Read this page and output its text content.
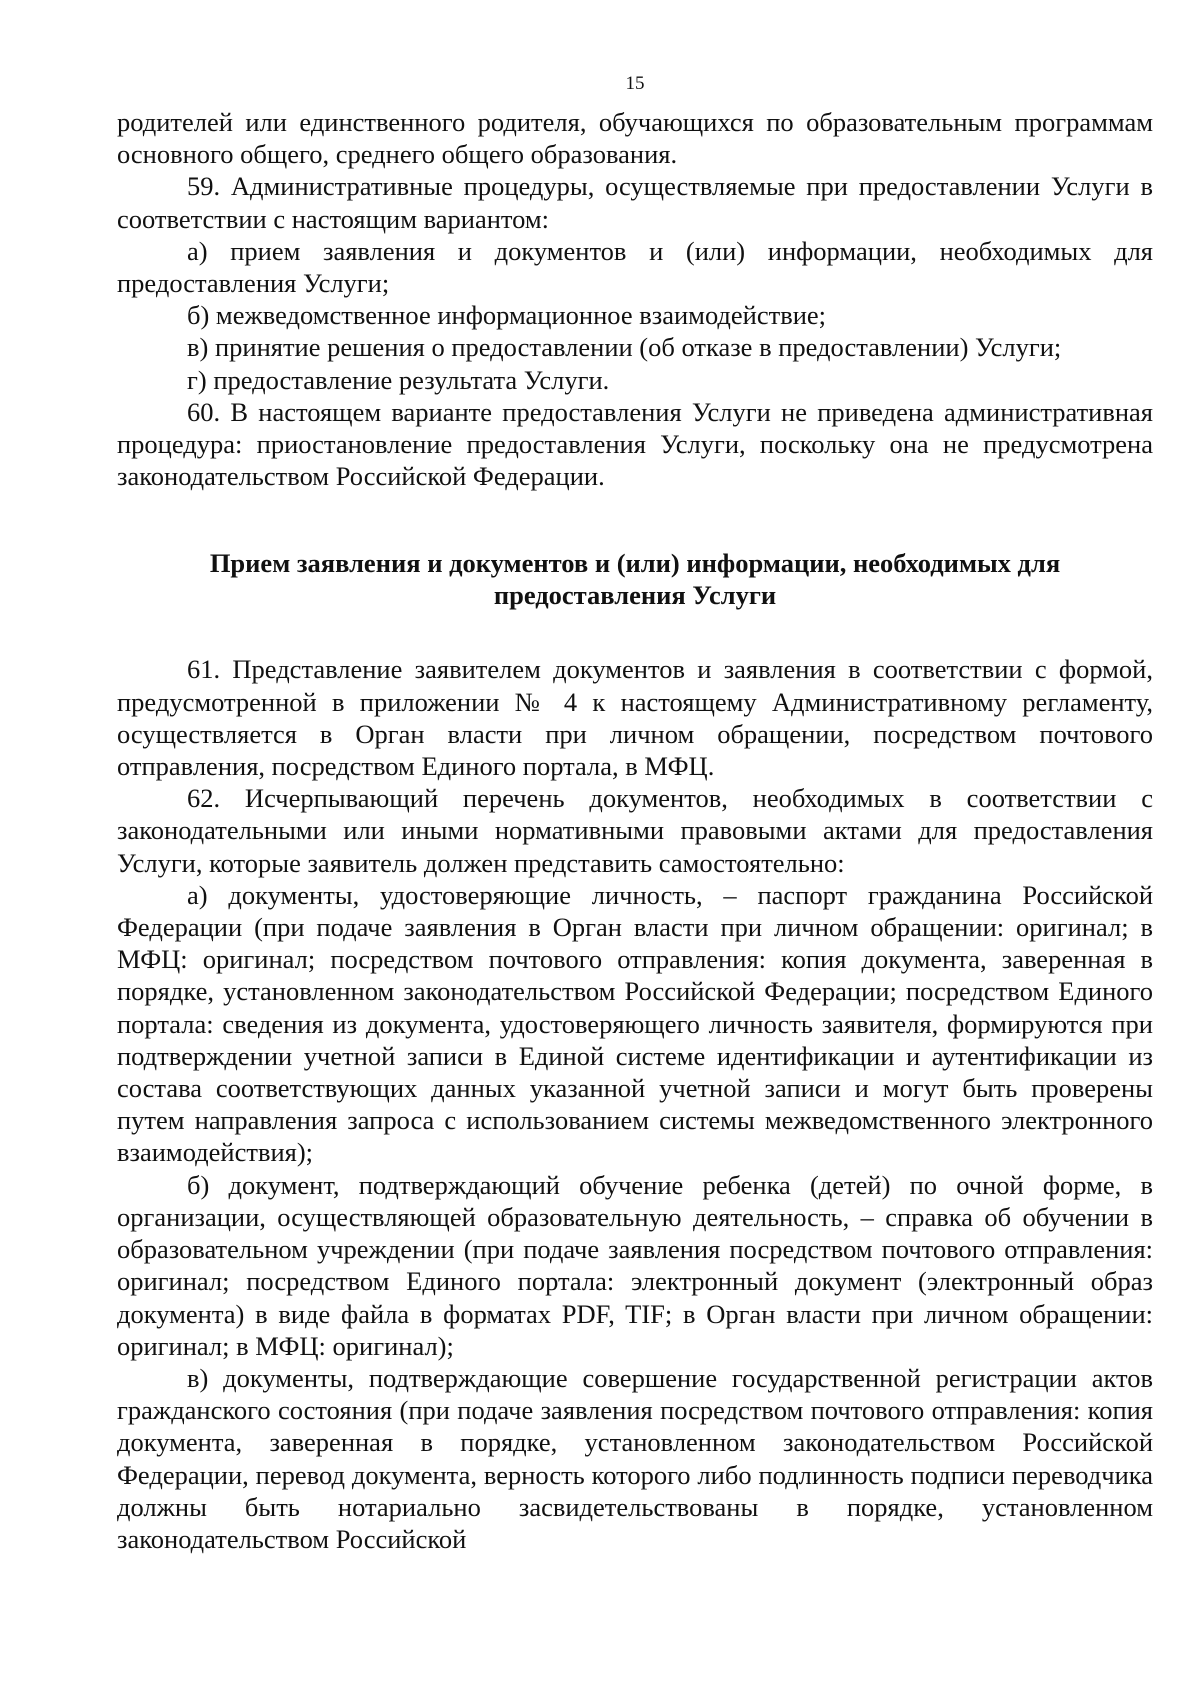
15

родителей или единственного родителя, обучающихся по образовательным программам основного общего, среднего общего образования.

59. Административные процедуры, осуществляемые при предоставлении Услуги в соответствии с настоящим вариантом:

а) прием заявления и документов и (или) информации, необходимых для предоставления Услуги;

б) межведомственное информационное взаимодействие;

в) принятие решения о предоставлении (об отказе в предоставлении) Услуги;

г) предоставление результата Услуги.

60. В настоящем варианте предоставления Услуги не приведена административная процедура: приостановление предоставления Услуги, поскольку она не предусмотрена законодательством Российской Федерации.

Прием заявления и документов и (или) информации, необходимых для
предоставления Услуги

61. Представление заявителем документов и заявления в соответствии с формой, предусмотренной в приложении № 4 к настоящему Административному регламенту, осуществляется в Орган власти при личном обращении, посредством почтового отправления, посредством Единого портала, в МФЦ.

62. Исчерпывающий перечень документов, необходимых в соответствии с законодательными или иными нормативными правовыми актами для предоставления Услуги, которые заявитель должен представить самостоятельно:

а) документы, удостоверяющие личность, – паспорт гражданина Российской Федерации (при подаче заявления в Орган власти при личном обращении: оригинал; в МФЦ: оригинал; посредством почтового отправления: копия документа, заверенная в порядке, установленном законодательством Российской Федерации; посредством Единого портала: сведения из документа, удостоверяющего личность заявителя, формируются при подтверждении учетной записи в Единой системе идентификации и аутентификации из состава соответствующих данных указанной учетной записи и могут быть проверены путем направления запроса с использованием системы межведомственного электронного взаимодействия);

б) документ, подтверждающий обучение ребенка (детей) по очной форме, в организации, осуществляющей образовательную деятельность, – справка об обучении в образовательном учреждении (при подаче заявления посредством почтового отправления: оригинал; посредством Единого портала: электронный документ (электронный образ документа) в виде файла в форматах PDF, TIF; в Орган власти при личном обращении: оригинал; в МФЦ: оригинал);

в) документы, подтверждающие совершение государственной регистрации актов гражданского состояния (при подаче заявления посредством почтового отправления: копия документа, заверенная в порядке, установленном законодательством Российской Федерации, перевод документа, верность которого либо подлинность подписи переводчика должны быть нотариально засвидетельствованы в порядке, установленном законодательством Российской
